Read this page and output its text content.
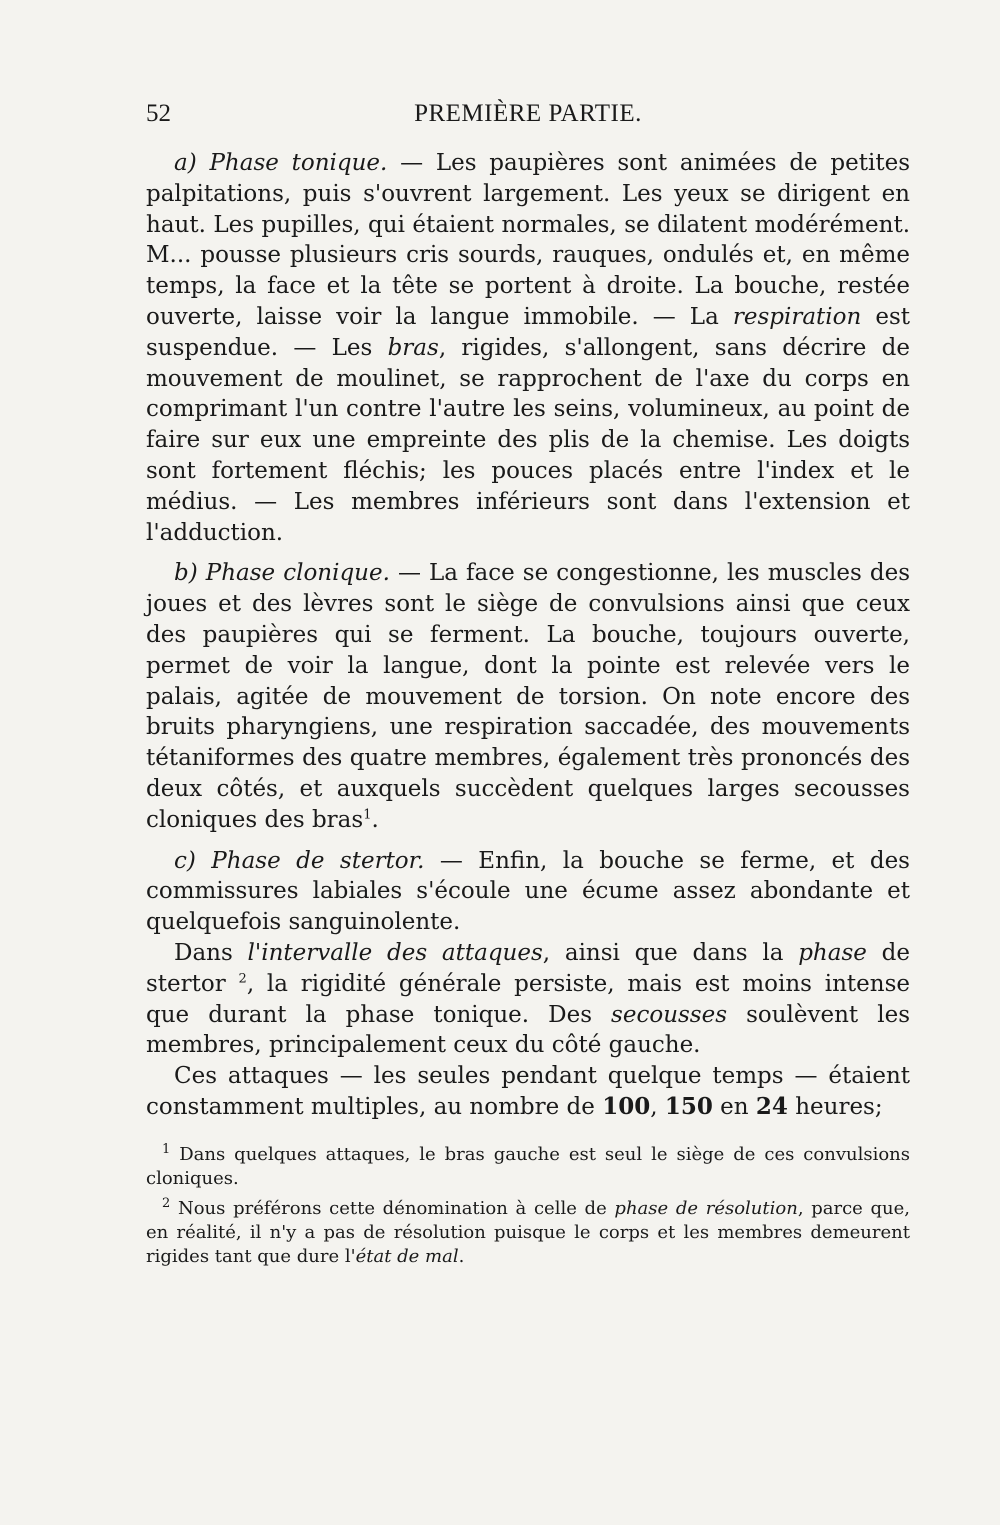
52	PREMIÈRE PARTIE.

a) Phase tonique. — Les paupières sont animées de petites palpitations, puis s'ouvrent largement. Les yeux se dirigent en haut. Les pupilles, qui étaient normales, se dilatent modérément. M... pousse plusieurs cris sourds, rauques, ondulés et, en même temps, la face et la tête se portent à droite. La bouche, restée ouverte, laisse voir la langue immobile. — La respiration est suspendue. — Les bras, rigides, s'allongent, sans décrire de mouvement de moulinet, se rapprochent de l'axe du corps en comprimant l'un contre l'autre les seins, volumineux, au point de faire sur eux une empreinte des plis de la chemise. Les doigts sont fortement fléchis; les pouces placés entre l'index et le médius. — Les membres inférieurs sont dans l'extension et l'adduction.

b) Phase clonique. — La face se congestionne, les muscles des joues et des lèvres sont le siège de convulsions ainsi que ceux des paupières qui se ferment. La bouche, toujours ouverte, permet de voir la langue, dont la pointe est relevée vers le palais, agitée de mouvement de torsion. On note encore des bruits pharyngiens, une respiration saccadée, des mouvements tétaniformes des quatre membres, également très prononcés des deux côtés, et auxquels succèdent quelques larges secousses cloniques des bras$^1$.

c) Phase de stertor. — Enfin, la bouche se ferme, et des commissures labiales s'écoule une écume assez abondante et quelquefois sanguinolente.

Dans l'intervalle des attaques, ainsi que dans la phase de stertor $^2$, la rigidité générale persiste, mais est moins intense que durant la phase tonique. Des secousses soulèvent les membres, principalement ceux du côté gauche.

Ces attaques — les seules pendant quelque temps — étaient constamment multiples, au nombre de 100, 150 en 24 heures;

$^1$ Dans quelques attaques, le bras gauche est seul le siège de ces convulsions cloniques.

$^2$ Nous préférons cette dénomination à celle de phase de résolution, parce que, en réalité, il n'y a pas de résolution puisque le corps et les membres demeurent rigides tant que dure l'état de mal.
